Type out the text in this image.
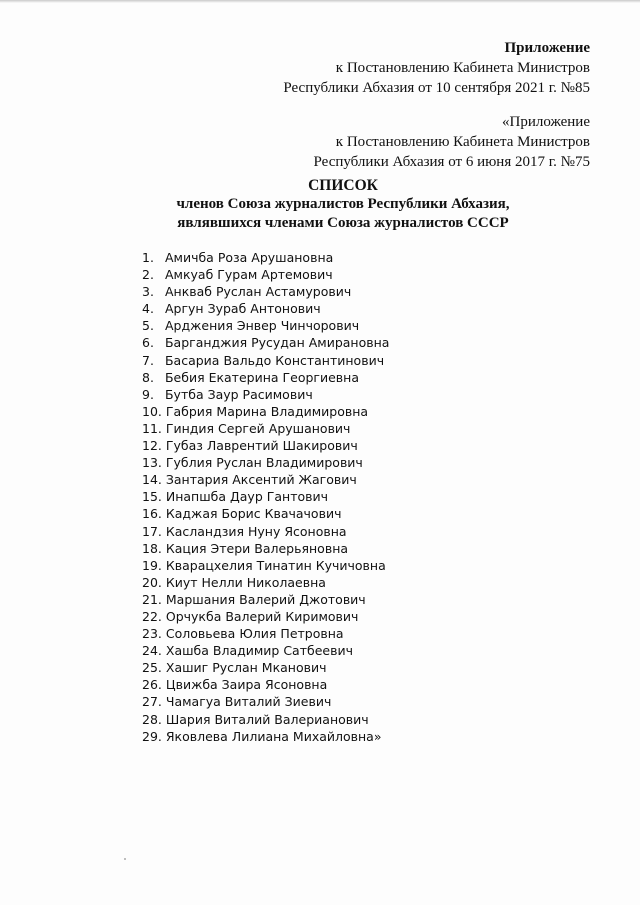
Приложение
к Постановлению Кабинета Министров
Республики Абхазия от 10 сентября 2021 г. №85
«Приложение
к Постановлению Кабинета Министров
Республики Абхазия от 6 июня 2017 г. №75
СПИСОК
членов Союза журналистов Республики Абхазия,
являвшихся членами Союза журналистов СССР
1. Амичба Роза Арушановна
2. Амкуаб Гурам Артемович
3. Анкваб Руслан Астамурович
4. Аргун Зураб Антонович
5. Арджения Энвер Чинчорович
6. Барганджия Русудан Амирановна
7. Басариа Вальдо Константинович
8. Бебия Екатерина Георгиевна
9. Бутба Заур Расимович
10. Габрия Марина Владимировна
11. Гиндия Сергей Арушанович
12. Губаз Лаврентий Шакирович
13. Гублия Руслан Владимирович
14. Зантария Аксентий Жагович
15. Инапшба Даур Гантович
16. Каджая Борис Квачачович
17. Касландзия Нуну Ясоновна
18. Кация Этери Валерьяновна
19. Кварацхелия Тинатин Кучичовна
20. Киут Нелли Николаевна
21. Маршания Валерий Джотович
22. Орчукба Валерий Киримович
23. Соловьева Юлия Петровна
24. Хашба Владимир Сатбеевич
25. Хашиг Руслан Мканович
26. Цвижба Заира Ясоновна
27. Чамагуа Виталий Зиевич
28. Шария Виталий Валерианович
29. Яковлева Лилиана Михайловна»
